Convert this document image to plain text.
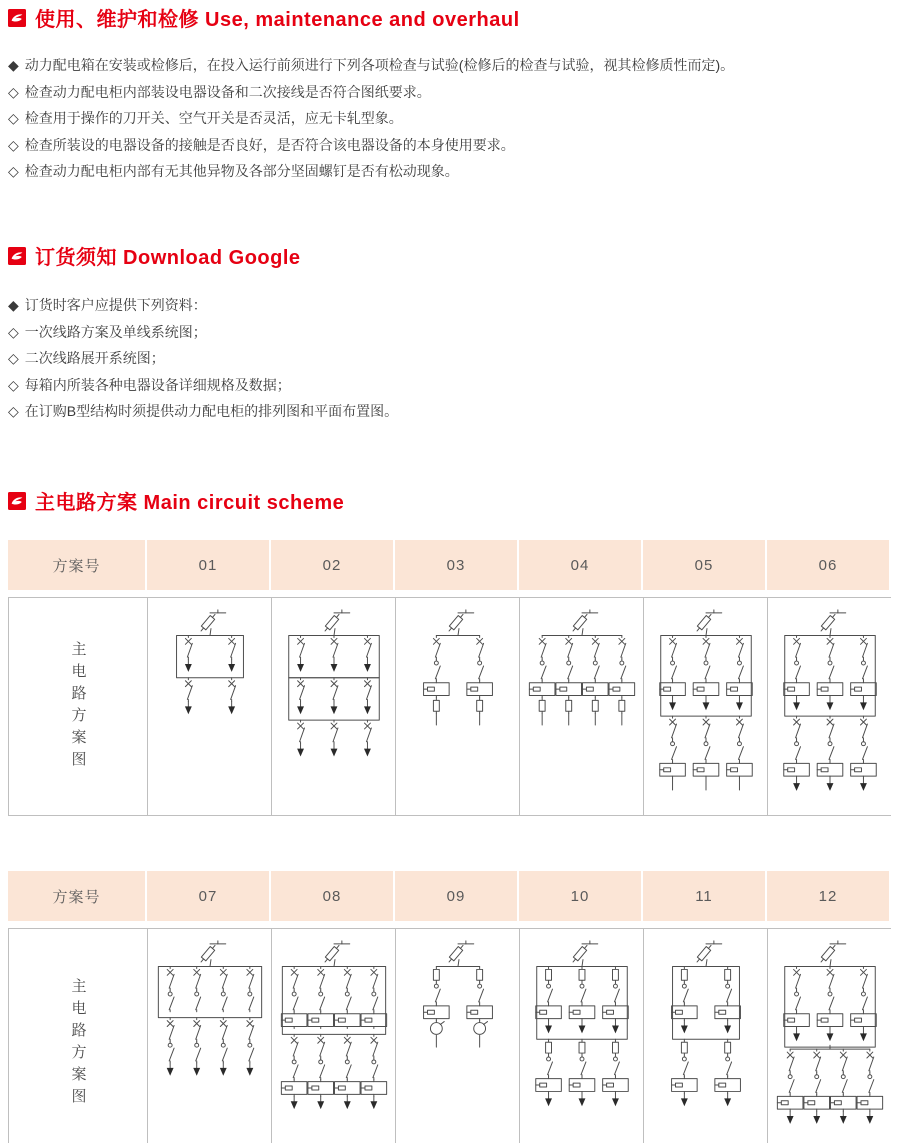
使用、维护和检修 Use, maintenance and overhaul
◆ 动力配电箱在安装或检修后，在投入运行前须进行下列各项检查与试验(检修后的检查与试验，视其检修质性而定)。
◇ 检查动力配电柜内部装设电器设备和二次接线是否符合图纸要求。
◇ 检查用于操作的刀开关、空气开关是否灵活，应无卡轧型象。
◇ 检查所装设的电器设备的接触是否良好，是否符合该电器设备的本身使用要求。
◇ 检查动力配电柜内部有无其他异物及各部分坚固螺钉是否有松动现象。
订货须知 Download Google
◆ 订货时客户应提供下列资料：
◇ 一次线路方案及单线系统图；
◇ 二次线路展开系统图；
◇ 每箱内所装各种电器设备详细规格及数据；
◇ 在订购B型结构时须提供动力配电柜的排列图和平面布置图。
主电路方案 Main circuit scheme
方案号	01	02	03	04	05	06
主电路方案图
方案号	07	08	09	10	11	12
主电路方案图
